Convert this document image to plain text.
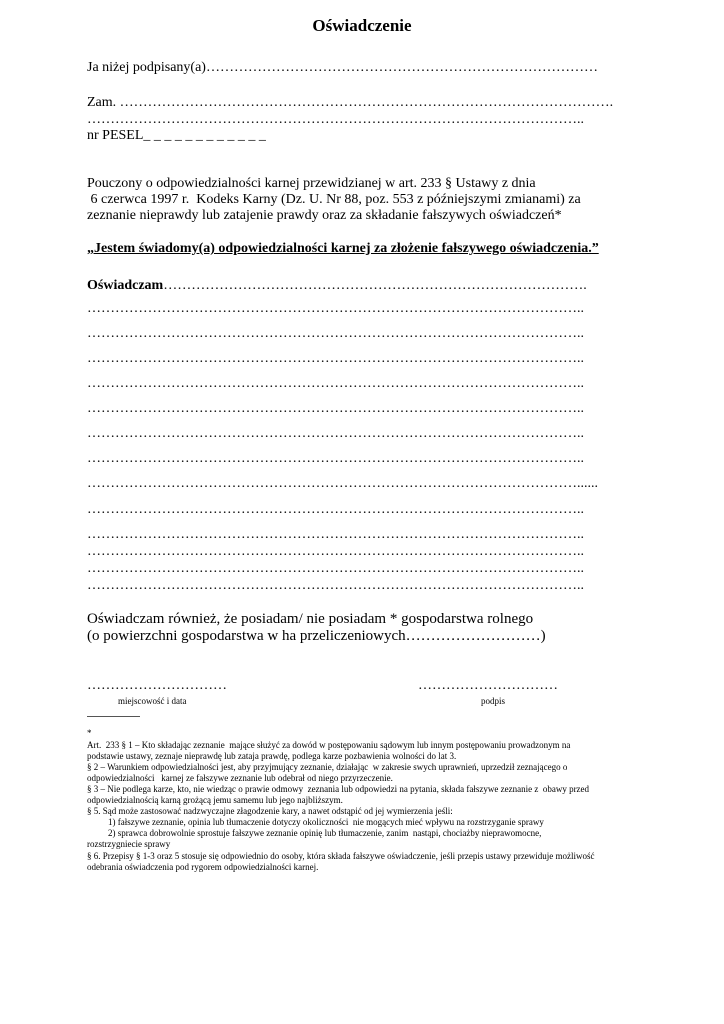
Oświadczenie
Ja niżej podpisany(a)…………………………………………………………………………
Zam. …………………………………………………………………………………………….
……………………………………………………………………………………………..
nr PESEL_ _ _ _ _ _ _ _ _ _ _ _
Pouczony o odpowiedzialności karnej przewidzianej w art. 233 § Ustawy z dnia
6 czerwca 1997 r.  Kodeks Karny (Dz. U. Nr 88, poz. 553 z późniejszymi zmianami) za
zeznanie nieprawdy lub zatajenie prawdy oraz za składanie fałszywych oświadczeń*
„Jestem świadomy(a) odpowiedzialności karnej za złożenie fałszywego oświadczenia.”
Oświadczam……………………………………………………………………………….
……………………………………………………………………………………………..
……………………………………………………………………………………………..
……………………………………………………………………………………………..
……………………………………………………………………………………………..
……………………………………………………………………………………………..
……………………………………………………………………………………………..
……………………………………………………………………………………………..
……………………………………………………………………………………………......
……………………………………………………………………………………………..
……………………………………………………………………………………………..
……………………………………………………………………………………………..
……………………………………………………………………………………………..
……………………………………………………………………………………………..
Oświadczam również, że posiadam/ nie posiadam * gospodarstwa rolnego
(o powierzchni gospodarstwa w ha przeliczeniowych………………………)
…………………………
miejscowość i data
…………………………
podpis
*
Art.  233 § 1 – Kto składając zeznanie  mające służyć za dowód w postępowaniu sądowym lub innym postępowaniu prowadzonym na
podstawie ustawy, zeznaje nieprawdę lub zataja prawdę, podlega karze pozbawienia wolności do lat 3.
§ 2 – Warunkiem odpowiedzialności jest, aby przyjmujący zeznanie, działając  w zakresie swych uprawnień, uprzedził zeznającego o
odpowiedzialności   karnej ze fałszywe zeznanie lub odebrał od niego przyrzeczenie.
§ 3 – Nie podlega karze, kto, nie wiedząc o prawie odmowy  zeznania lub odpowiedzi na pytania, składa fałszywe zeznanie z  obawy przed
odpowiedzialnością karną grożącą jemu samemu lub jego najbliższym.
§ 5. Sąd może zastosować nadzwyczajne złagodzenie kary, a nawet odstąpić od jej wymierzenia jeśli:
1) fałszywe zeznanie, opinia lub tłumaczenie dotyczy okoliczności  nie mogących mieć wpływu na rozstrzyganie sprawy
2) sprawca dobrowolnie sprostuje fałszywe zeznanie opinię lub tłumaczenie, zanim  nastąpi, chociażby nieprawomocne,
rozstrzygniecie sprawy
§ 6. Przepisy § 1-3 oraz 5 stosuje się odpowiednio do osoby, która składa fałszywe oświadczenie, jeśli przepis ustawy przewiduje możliwość
odebrania oświadczenia pod rygorem odpowiedzialności karnej.
